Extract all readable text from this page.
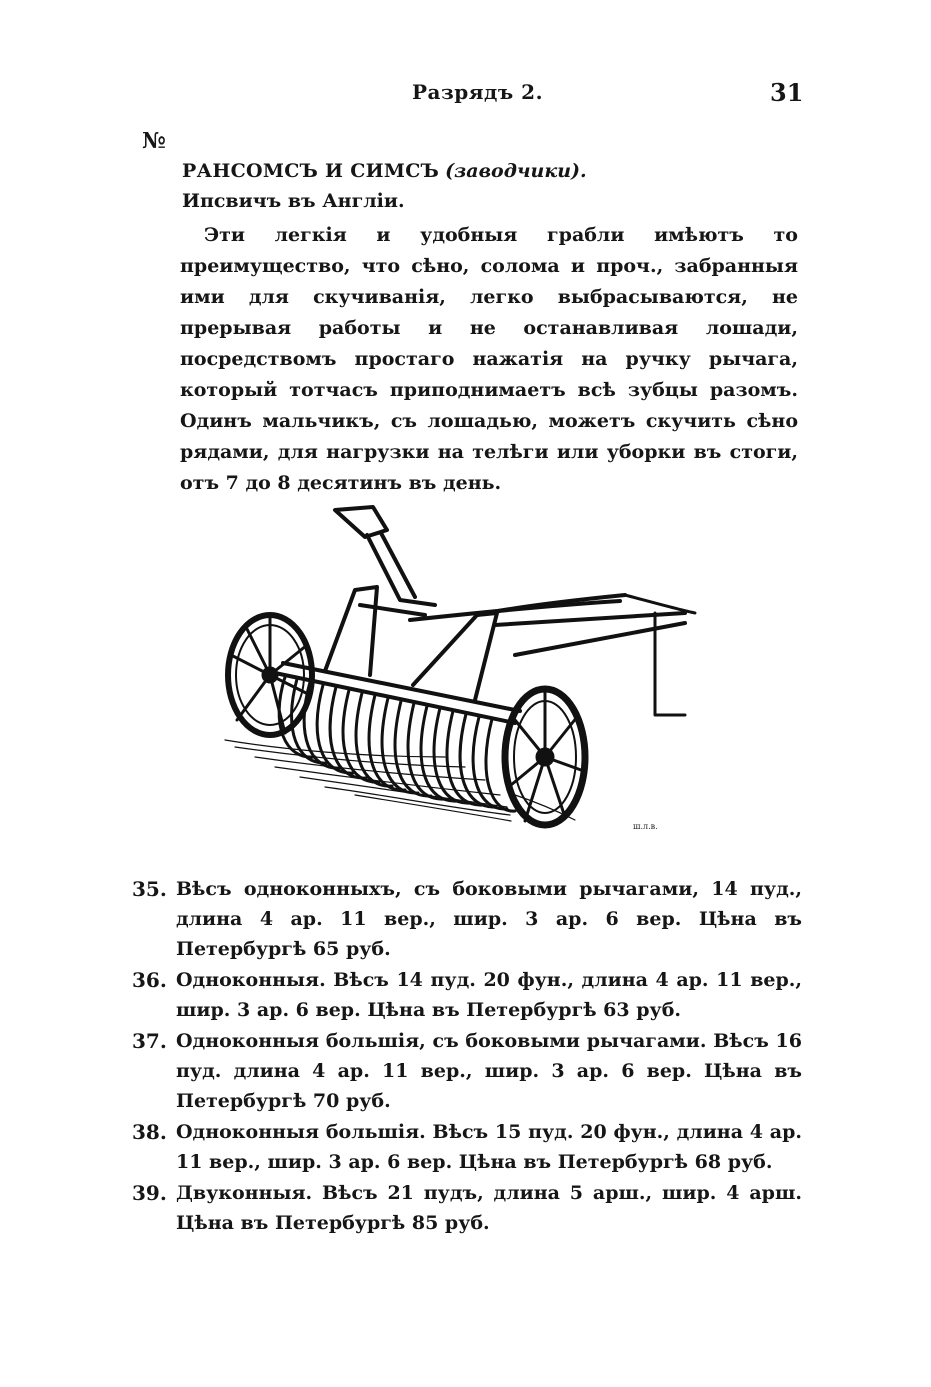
Разрядъ 2.	31
№
РАНСОМСЪ И СИМСЪ (заводчики).
Ипсвичъ въ Англіи.

Эти легкія и удобныя грабли имѣютъ то преимущество, что сѣно, солома и проч., забранныя ими для скучиванія, легко выбрасываются, не прерывая работы и не останавливая лошади, посредствомъ простаго нажатія на ручку рычага, который тотчасъ приподнимаетъ всѣ зубцы разомъ. Одинъ мальчикъ, съ лошадью, можетъ скучить сѣно рядами, для нагрузки на телѣги или уборки въ стоги, отъ 7 до 8 десятинъ въ день.

ш.л.в.
35. Вѣсъ одноконныхъ, съ боковыми рычагами, 14 пуд., длина 4 ар. 11 вер., шир. 3 ар. 6 вер. Цѣна въ Петербургѣ 65 руб.
36. Одноконныя. Вѣсъ 14 пуд. 20 фун., длина 4 ар. 11 вер., шир. 3 ар. 6 вер. Цѣна въ Петербургѣ 63 руб.
37. Одноконныя большія, съ боковыми рычагами. Вѣсъ 16 пуд. длина 4 ар. 11 вер., шир. 3 ар. 6 вер. Цѣна въ Петербургѣ 70 руб.
38. Одноконныя большія. Вѣсъ 15 пуд. 20 фун., длина 4 ар. 11 вер., шир. 3 ар. 6 вер. Цѣна въ Петербургѣ 68 руб.
39. Двуконныя. Вѣсъ 21 пудъ, длина 5 арш., шир. 4 арш. Цѣна въ Петербургѣ 85 руб.
